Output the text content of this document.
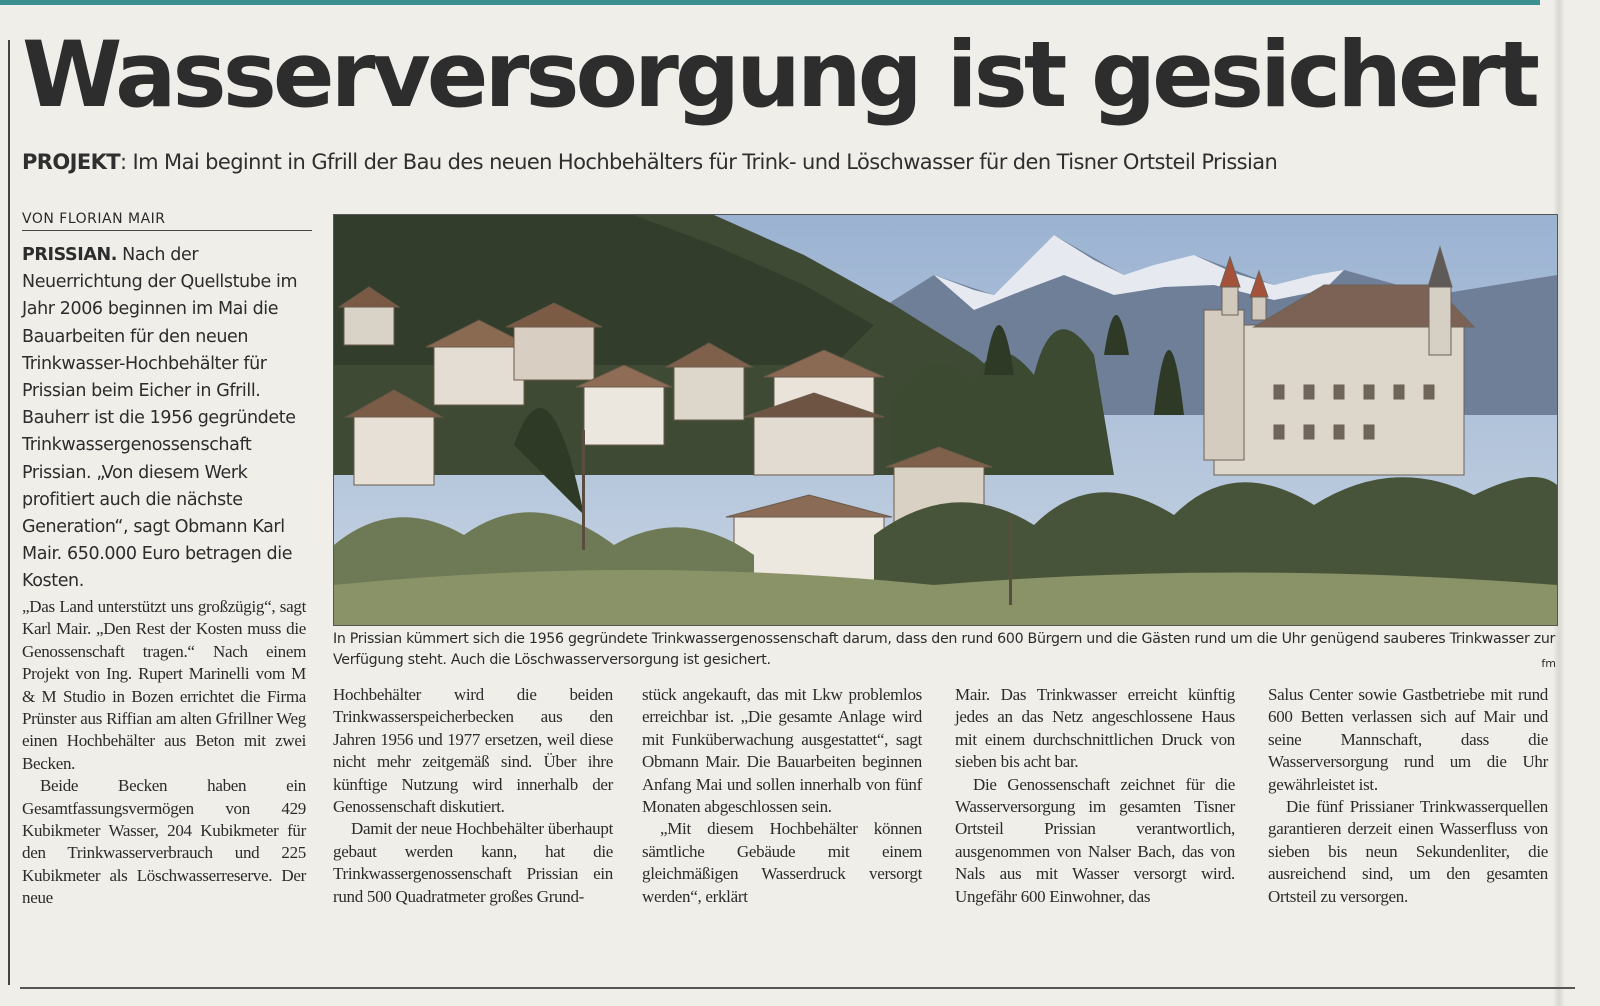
Wasserversorgung ist gesichert

PROJEKT: Im Mai beginnt in Gfrill der Bau des neuen Hochbehälters für Trink- und Löschwasser für den Tisner Ortsteil Prissian

VON FLORIAN MAIR

PRISSIAN. Nach der Neuerrichtung der Quellstube im Jahr 2006 beginnen im Mai die Bauarbeiten für den neuen Trinkwasser-Hochbehälter für Prissian beim Eicher in Gfrill. Bauherr ist die 1956 gegründete Trinkwassergenossenschaft Prissian. „Von diesem Werk profitiert auch die nächste Generation“, sagt Obmann Karl Mair. 650.000 Euro betragen die Kosten.

„Das Land unterstützt uns großzügig“, sagt Karl Mair. „Den Rest der Kosten muss die Genossenschaft tragen.“ Nach einem Projekt von Ing. Rupert Marinelli vom M & M Studio in Bozen errichtet die Firma Prünster aus Riffian am alten Gfrillner Weg einen Hochbehälter aus Beton mit zwei Becken.

Beide Becken haben ein Gesamtfassungsvermögen von 429 Kubikmeter Wasser, 204 Kubikmeter für den Trinkwasserverbrauch und 225 Kubikmeter als Löschwasserreserve. Der neue

In Prissian kümmert sich die 1956 gegründete Trinkwassergenossenschaft darum, dass den rund 600 Bürgern und die Gästen rund um die Uhr genügend sauberes Trinkwasser zur Verfügung steht. Auch die Löschwasserversorgung ist gesichert.	fm

Hochbehälter wird die beiden Trinkwasserspeicherbecken aus den Jahren 1956 und 1977 ersetzen, weil diese nicht mehr zeitgemäß sind. Über ihre künftige Nutzung wird innerhalb der Genossenschaft diskutiert.

Damit der neue Hochbehälter überhaupt gebaut werden kann, hat die Trinkwassergenossenschaft Prissian ein rund 500 Quadratmeter großes Grund-

stück angekauft, das mit Lkw problemlos erreichbar ist. „Die gesamte Anlage wird mit Funküberwachung ausgestattet“, sagt Obmann Mair. Die Bauarbeiten beginnen Anfang Mai und sollen innerhalb von fünf Monaten abgeschlossen sein.

„Mit diesem Hochbehälter können sämtliche Gebäude mit einem gleichmäßigen Wasserdruck versorgt werden“, erklärt

Mair. Das Trinkwasser erreicht künftig jedes an das Netz angeschlossene Haus mit einem durchschnittlichen Druck von sieben bis acht bar.

Die Genossenschaft zeichnet für die Wasserversorgung im gesamten Tisner Ortsteil Prissian verantwortlich, ausgenommen von Nalser Bach, das von Nals aus mit Wasser versorgt wird. Ungefähr 600 Einwohner, das

Salus Center sowie Gastbetriebe mit rund 600 Betten verlassen sich auf Mair und seine Mannschaft, dass die Wasserversorgung rund um die Uhr gewährleistet ist.

Die fünf Prissianer Trinkwasserquellen garantieren derzeit einen Wasserfluss von sieben bis neun Sekundenliter, die ausreichend sind, um den gesamten Ortsteil zu versorgen.
